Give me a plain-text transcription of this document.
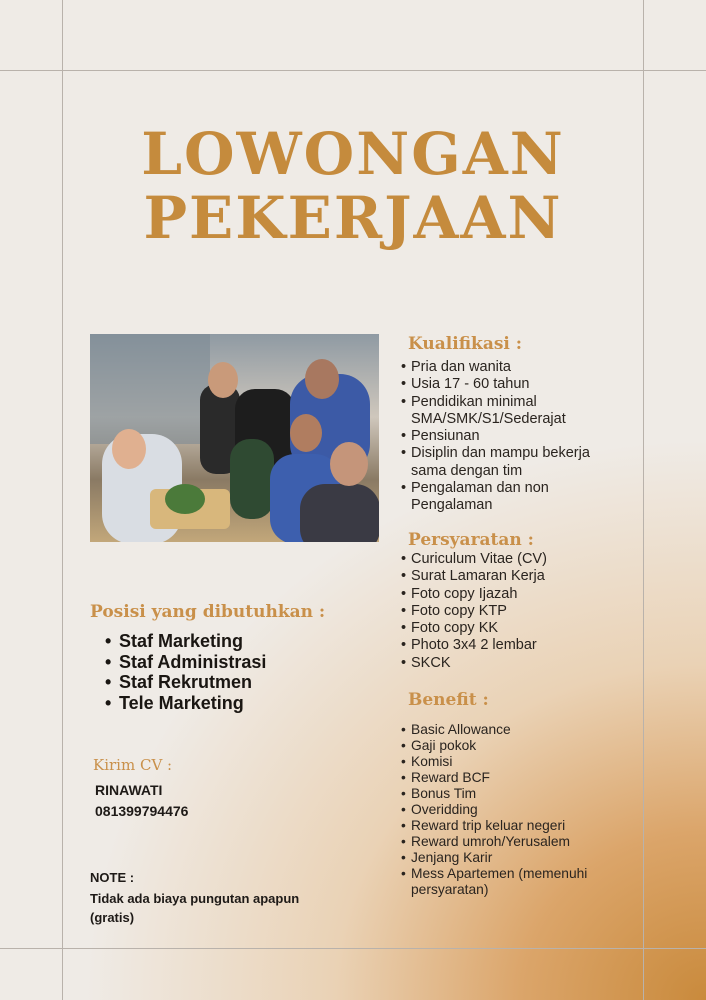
LOWONGAN
PEKERJAAN
Kualifikasi :
• Pria dan wanita
• Usia 17 - 60 tahun
• Pendidikan minimal SMA/SMK/S1/Sederajat
• Pensiunan
• Disiplin dan mampu bekerja sama dengan tim
• Pengalaman dan non Pengalaman
Persyaratan :
• Curiculum Vitae (CV)
• Surat Lamaran Kerja
• Foto copy Ijazah
• Foto copy KTP
• Foto copy KK
• Photo 3x4 2 lembar
• SKCK
Benefit :
• Basic Allowance
• Gaji pokok
• Komisi
• Reward BCF
• Bonus Tim
• Overidding
• Reward trip keluar negeri
• Reward umroh/Yerusalem
• Jenjang Karir
• Mess Apartemen (memenuhi persyaratan)
Posisi yang dibutuhkan :
• Staf Marketing
• Staf Administrasi
• Staf Rekrutmen
• Tele Marketing
Kirim CV :
RINAWATI
081399794476
NOTE :
Tidak ada biaya pungutan apapun (gratis)
